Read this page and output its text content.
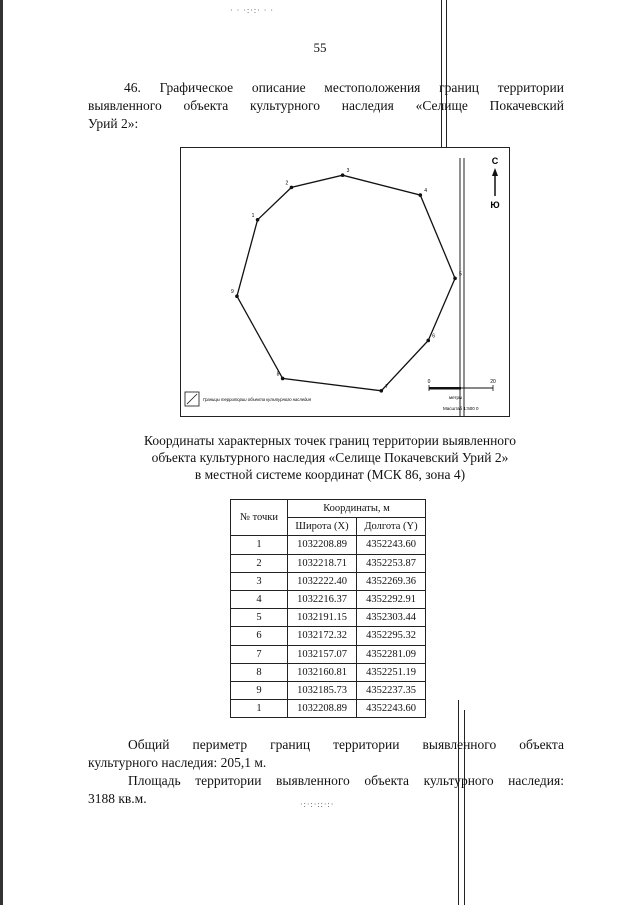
· · ·:·:· · ·
·:·:·::·:·
55
46. Графическое описание местоположения границ территории
выявленного объекта культурного наследия «Селище Покачевский
Урий 2»:
1
2
3
4
5
6
7
8
9
С
Ю
Границы территории объекта культурного наследия
0	20
метры
Масштаб 1:500 0
Координаты характерных точек границ территории выявленного
объекта культурного наследия «Селище Покачевский Урий 2»
в местной системе координат (МСК 86, зона 4)
№ точки	Координаты, м	
	Широта (X)	Долгота (Y)
1	1032208.89	4352243.60
2	1032218.71	4352253.87
3	1032222.40	4352269.36
4	1032216.37	4352292.91
5	1032191.15	4352303.44
6	1032172.32	4352295.32
7	1032157.07	4352281.09
8	1032160.81	4352251.19
9	1032185.73	4352237.35
1	1032208.89	4352243.60
Общий периметр границ территории выявленного объекта
культурного наследия: 205,1 м.
Площадь территории выявленного объекта культурного наследия:
3188 кв.м.
